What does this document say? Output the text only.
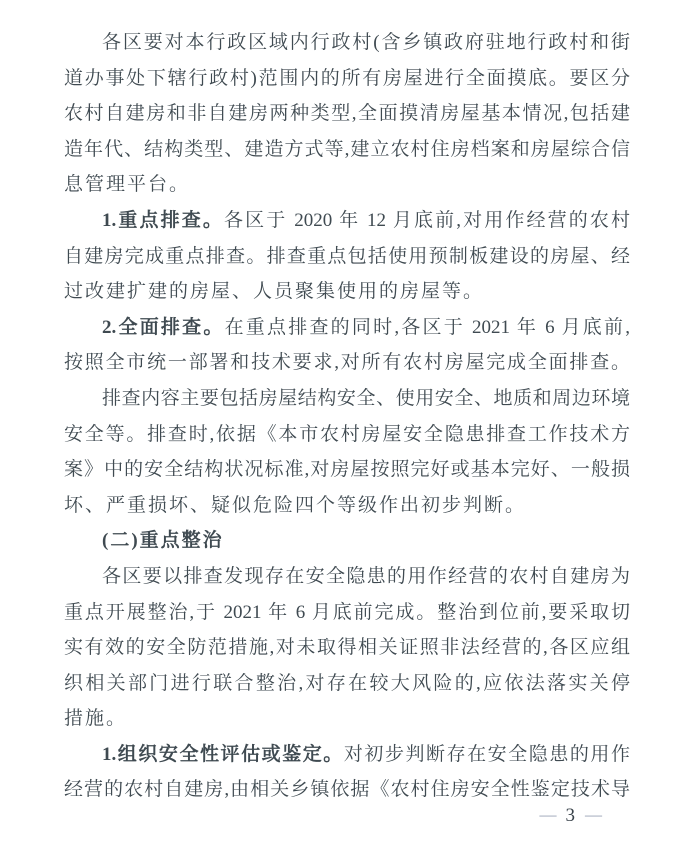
各区要对本行政区域内行政村(含乡镇政府驻地行政村和街
道办事处下辖行政村)范围内的所有房屋进行全面摸底。要区分
农村自建房和非自建房两种类型,全面摸清房屋基本情况,包括建
造年代、结构类型、建造方式等,建立农村住房档案和房屋综合信
息管理平台。
1.重点排查。各区于 2020 年 12 月底前,对用作经营的农村
自建房完成重点排查。排查重点包括使用预制板建设的房屋、经
过改建扩建的房屋、人员聚集使用的房屋等。
2.全面排查。在重点排查的同时,各区于 2021 年 6 月底前,
按照全市统一部署和技术要求,对所有农村房屋完成全面排查。
排查内容主要包括房屋结构安全、使用安全、地质和周边环境
安全等。排查时,依据《本市农村房屋安全隐患排查工作技术方
案》中的安全结构状况标准,对房屋按照完好或基本完好、一般损
坏、严重损坏、疑似危险四个等级作出初步判断。
(二)重点整治
各区要以排查发现存在安全隐患的用作经营的农村自建房为
重点开展整治,于 2021 年 6 月底前完成。整治到位前,要采取切
实有效的安全防范措施,对未取得相关证照非法经营的,各区应组
织相关部门进行联合整治,对存在较大风险的,应依法落实关停
措施。
1.组织安全性评估或鉴定。对初步判断存在安全隐患的用作
经营的农村自建房,由相关乡镇依据《农村住房安全性鉴定技术导
— 3 —
